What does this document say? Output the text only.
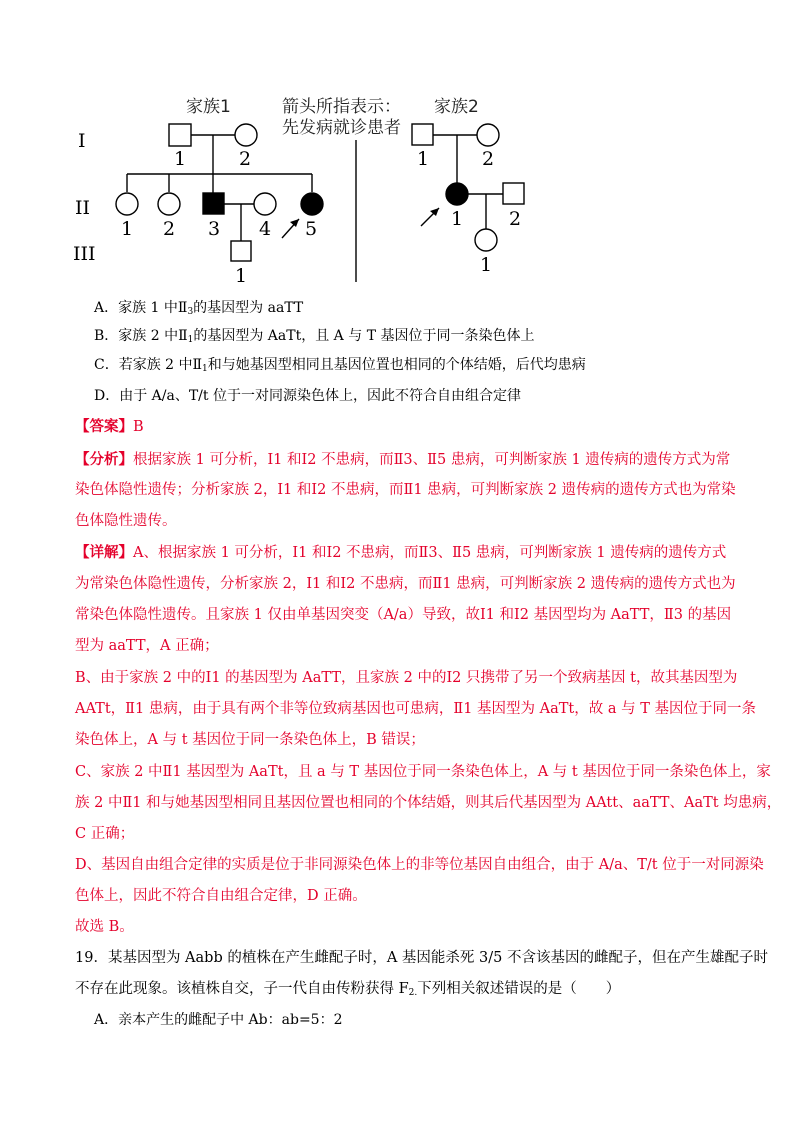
I
II
III
1	2
1 2 3 4 5
1
1	2
1 2
1
家族1	家族2
箭头所指表示：
先发病就诊患者
A．家族 1 中$Ⅱ_3$的基因型为 aaTT
B．家族 2 中$Ⅱ_1$的基因型为 AaTt，且 A 与 T 基因位于同一条染色体上
C．若家族 2 中$Ⅱ_1$和与她基因型相同且基因位置也相同的个体结婚，后代均患病
D．由于 A/a、T/t 位于一对同源染色体上，因此不符合自由组合定律
【答案】B
【分析】根据家族 1 可分析，Ⅰ1 和Ⅰ2 不患病，而Ⅱ3、Ⅱ5 患病，可判断家族 1 遗传病的遗传方式为常
染色体隐性遗传；分析家族 2，Ⅰ1 和Ⅰ2 不患病，而Ⅱ1 患病，可判断家族 2 遗传病的遗传方式也为常染
色体隐性遗传。
【详解】A、根据家族 1 可分析，Ⅰ1 和Ⅰ2 不患病，而Ⅱ3、Ⅱ5 患病，可判断家族 1 遗传病的遗传方式
为常染色体隐性遗传，分析家族 2，Ⅰ1 和Ⅰ2 不患病，而Ⅱ1 患病，可判断家族 2 遗传病的遗传方式也为
常染色体隐性遗传。且家族 1 仅由单基因突变（A/a）导致，故Ⅰ1 和Ⅰ2 基因型均为 AaTT，Ⅱ3 的基因
型为 aaTT，A 正确；
B、由于家族 2 中的Ⅰ1 的基因型为 AaTT，且家族 2 中的Ⅰ2 只携带了另一个致病基因 t，故其基因型为
AATt，Ⅱ1 患病，由于具有两个非等位致病基因也可患病，Ⅱ1 基因型为 AaTt，故 a 与 T 基因位于同一条
染色体上，A 与 t 基因位于同一条染色体上，B 错误；
C、家族 2 中Ⅱ1 基因型为 AaTt，且 a 与 T 基因位于同一条染色体上，A 与 t 基因位于同一条染色体上，家
族 2 中Ⅱ1 和与她基因型相同且基因位置也相同的个体结婚，则其后代基因型为 AAtt、aaTT、AaTt 均患病，
C 正确；
D、基因自由组合定律的实质是位于非同源染色体上的非等位基因自由组合，由于 A/a、T/t 位于一对同源染
色体上，因此不符合自由组合定律，D 正确。
故选 B。
19．某基因型为 Aabb 的植株在产生雌配子时，A 基因能杀死 3/5 不含该基因的雌配子，但在产生雄配子时
不存在此现象。该植株自交，子一代自由传粉获得 $F_{2.}$下列相关叙述错误的是（　　）
A．亲本产生的雌配子中 Ab：ab=5：2
